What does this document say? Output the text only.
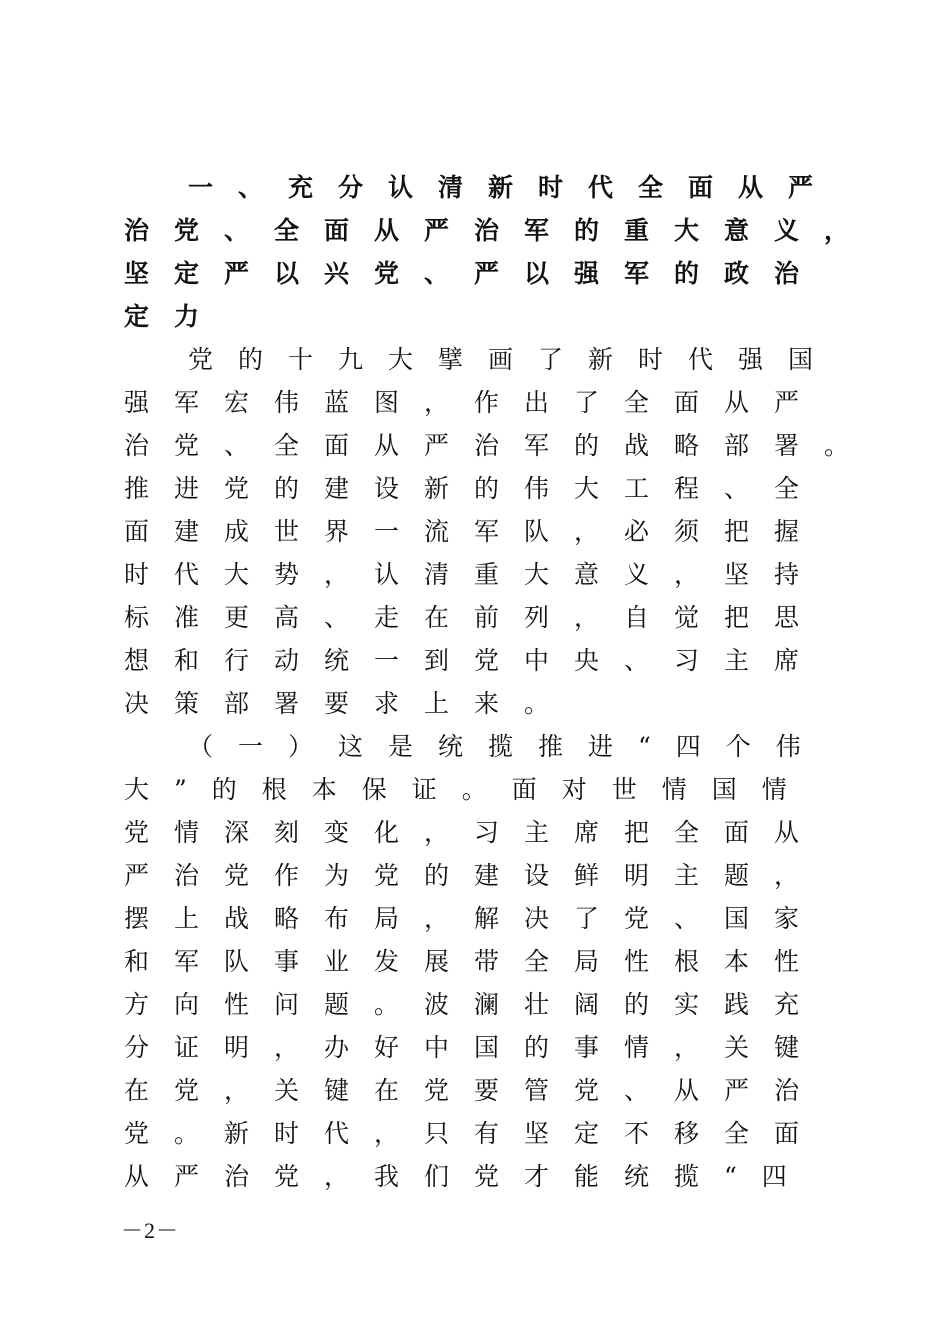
一、充分认清新时代全面从严
治党、全面从严治军的重大意义，
坚定严以兴党、严以强军的政治
定力
党的十九大擘画了新时代强国
强军宏伟蓝图，作出了全面从严
治党、全面从严治军的战略部署。
推进党的建设新的伟大工程、全
面建成世界一流军队，必须把握
时代大势，认清重大意义，坚持
标准更高、走在前列，自觉把思
想和行动统一到党中央、习主席
决策部署要求上来。
（一）这是统揽推进“四个伟
大”的根本保证。面对世情国情
党情深刻变化，习主席把全面从
严治党作为党的建设鲜明主题，
摆上战略布局，解决了党、国家
和军队事业发展带全局性根本性
方向性问题。波澜壮阔的实践充
分证明，办好中国的事情，关键
在党，关键在党要管党、从严治
党。新时代，只有坚定不移全面
从严治党，我们党才能统揽“四
－2－
